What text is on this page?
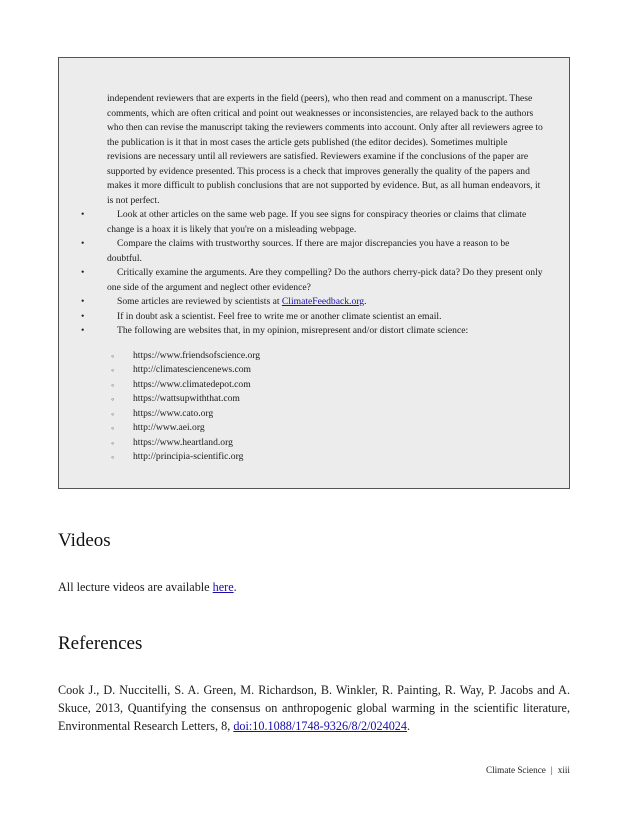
independent reviewers that are experts in the field (peers), who then read and comment on a manuscript. These comments, which are often critical and point out weaknesses or inconsistencies, are relayed back to the authors who then can revise the manuscript taking the reviewers comments into account. Only after all reviewers agree to the publication is it that in most cases the article gets published (the editor decides). Sometimes multiple revisions are necessary until all reviewers are satisfied. Reviewers examine if the conclusions of the paper are supported by evidence presented. This process is a check that improves generally the quality of the papers and makes it more difficult to publish conclusions that are not supported by evidence. But, as all human endeavors, it is not perfect.

•	Look at other articles on the same web page. If you see signs for conspiracy theories or claims that climate change is a hoax it is likely that you're on a misleading webpage.
•	Compare the claims with trustworthy sources. If there are major discrepancies you have a reason to be doubtful.
•	Critically examine the arguments. Are they compelling? Do the authors cherry-pick data? Do they present only one side of the argument and neglect other evidence?
•	Some articles are reviewed by scientists at ClimateFeedback.org.
•	If in doubt ask a scientist. Feel free to write me or another climate scientist an email.
•	The following are websites that, in my opinion, misrepresent and/or distort climate science:
◦ https://www.friendsofscience.org
◦ http://climatesciencenews.com
◦ https://www.climatedepot.com
◦ https://wattsupwiththat.com
◦ https://www.cato.org
◦ http://www.aei.org
◦ https://www.heartland.org
◦ http://principia-scientific.org
Videos

All lecture videos are available here.

References

Cook J., D. Nuccitelli, S. A. Green, M. Richardson, B. Winkler, R. Painting, R. Way, P. Jacobs and A. Skuce, 2013, Quantifying the consensus on anthropogenic global warming in the scientific literature, Environmental Research Letters, 8, doi:10.1088/1748-9326/8/2/024024.

Climate Science | xiii
